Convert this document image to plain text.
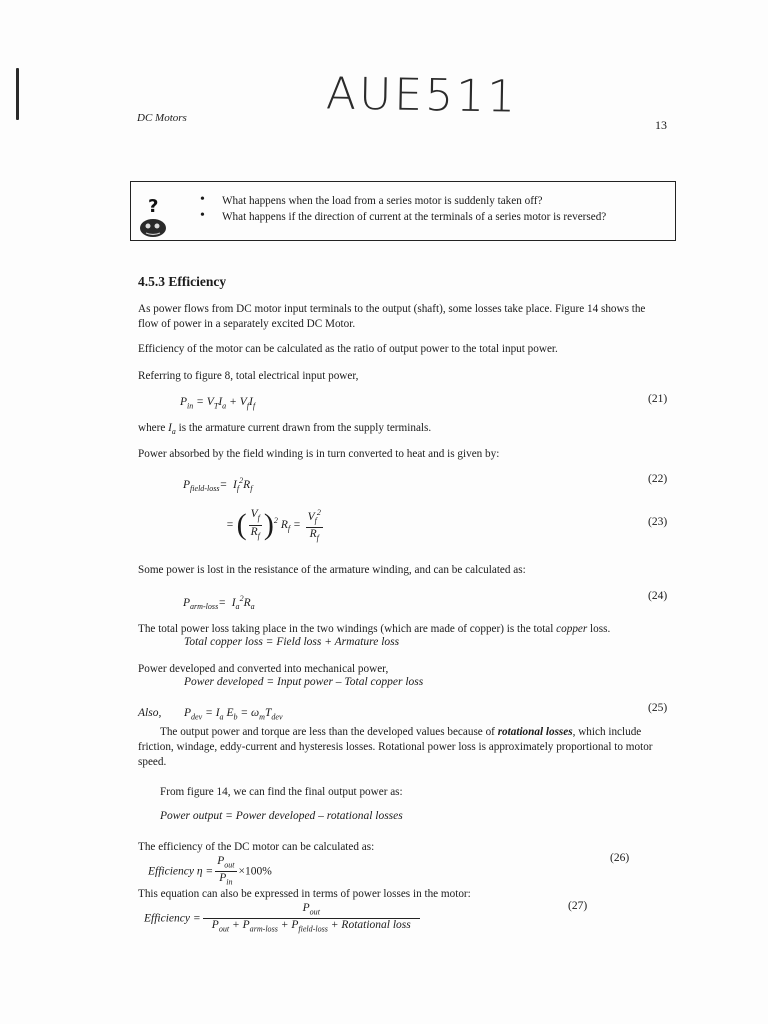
AUE511
DC Motors	13
?
•	What happens when the load from a series motor is suddenly taken off?
• What happens if the direction of current at the terminals of a series motor is reversed?
4.5.3 Efficiency
As power flows from DC motor input terminals to the output (shaft), some losses take place. Figure 14 shows the flow of power in a separately excited DC Motor.
Efficiency of the motor can be calculated as the ratio of output power to the total input power.
Referring to figure 8, total electrical input power,
$P_{in} = V_TI_a + V_fI_f$
(21)
where $I_a$ is the armature current drawn from the supply terminals.
Power absorbed by the field winding is in turn converted to heat and is given by:
$P_{field-loss}= I_f^2R_f$
(22)
= ( $\frac{V_f}{R_f} )^2$ $R_f = \frac{V_f^2}{R_f}$	(23)
Some power is lost in the resistance of the armature winding, and can be calculated as:
$P_{arm-loss}= I_a^2R_a$
(24)
The total power loss taking place in the two windings (which are made of copper) is the total copper loss.
Total copper loss = Field loss + Armature loss
Power developed and converted into mechanical power,
Power developed = Input power – Total copper loss
Also, $P_{dev} = I_a$ $E_b = \omega_mT_{dev}$
(25)
The output power and torque are less than the developed values because of rotational losses, which include friction, windage, eddy-current and hysteresis losses. Rotational power loss is approximately proportional to motor speed.
From figure 14, we can find the final output power as:
Power output = Power developed – rotational losses
The efficiency of the DC motor can be calculated as:
Efficiency $\eta = \frac{P_{out}}{P_{in}} \times 100\%$
(26)
This equation can also be expressed in terms of power losses in the motor:
Efficiency = $\frac{P_{out}}{P_{out} + P_{arm-loss} + P_{field-loss} + Rotational loss}$	(27)
